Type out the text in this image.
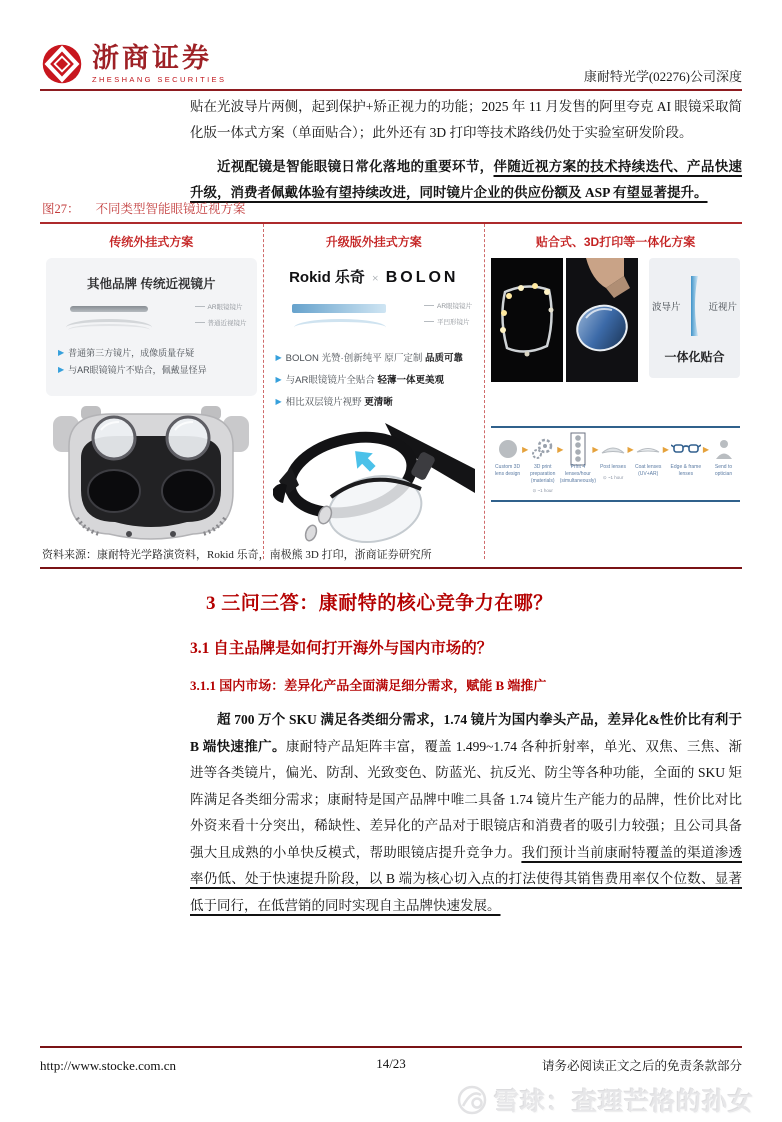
浙商证券
ZHESHANG SECURITIES	康耐特光学(02276)公司深度

贴在光波导片两侧，起到保护+矫正视力的功能；2025 年 11 月发售的阿里夸克 AI 眼镜采取简化版一体式方案（单面贴合）；此外还有 3D 打印等技术路线仍处于实验室研发阶段。

近视配镜是智能眼镜日常化落地的重要环节，伴随近视方案的技术持续迭代、产品快速升级，消费者佩戴体验有望持续改进，同时镜片企业的供应份额及 ASP 有望显著提升。

图27： 不同类型智能眼镜近视方案
传统外挂式方案
其他品牌 传统近视镜片
AR眼镜镜片
普通近视镜片
▶ 普通第三方镜片，成像质量存疑
▶ 与AR眼镜镜片不贴合，佩戴显怪异
升级版外挂式方案
Rokid 乐奇 × BOLON
AR眼镜镜片
平凹形镜片
▶ BOLON 光赞·创新纯平 原厂定制 品质可靠
▶ 与AR眼镜镜片全贴合 轻薄一体更美观
▶ 相比双层镜片视野 更清晰
贴合式、3D打印等一体化方案
波导片	近视片
一体化贴合
Custom 3D lens design
▶
3D print preparation (materials)
⊙ ~1 hour
▶
Print 4 lenses/hour (simultaneously)
▶
Post lenses
⊙ ~1 hour
▶
Coat lenses (UV+AR)
▶
Edge & frame lenses
▶
Send to optician
资料来源：康耐特光学路演资料，Rokid 乐奇，南极熊 3D 打印，浙商证券研究所
3 三问三答：康耐特的核心竞争力在哪？
3.1 自主品牌是如何打开海外与国内市场的？
3.1.1 国内市场：差异化产品全面满足细分需求，赋能 B 端推广

超 700 万个 SKU 满足各类细分需求，1.74 镜片为国内拳头产品，差异化&性价比有利于 B 端快速推广。康耐特产品矩阵丰富，覆盖 1.499~1.74 各种折射率，单光、双焦、三焦、渐进等各类镜片，偏光、防刮、光致变色、防蓝光、抗反光、防尘等各种功能，全面的 SKU 矩阵满足各类细分需求；康耐特是国产品牌中唯二具备 1.74 镜片生产能力的品牌，性价比对比外资来看十分突出，稀缺性、差异化的产品对于眼镜店和消费者的吸引力较强；且公司具备强大且成熟的小单快反模式，帮助眼镜店提升竞争力。我们预计当前康耐特覆盖的渠道渗透率仍低、处于快速提升阶段，以 B 端为核心切入点的打法使得其销售费用率仅个位数、显著低于同行，在低营销的同时实现自主品牌快速发展。

http://www.stocke.com.cn	14/23	请务必阅读正文之后的免责条款部分
雪球：查理芒格的孙女
